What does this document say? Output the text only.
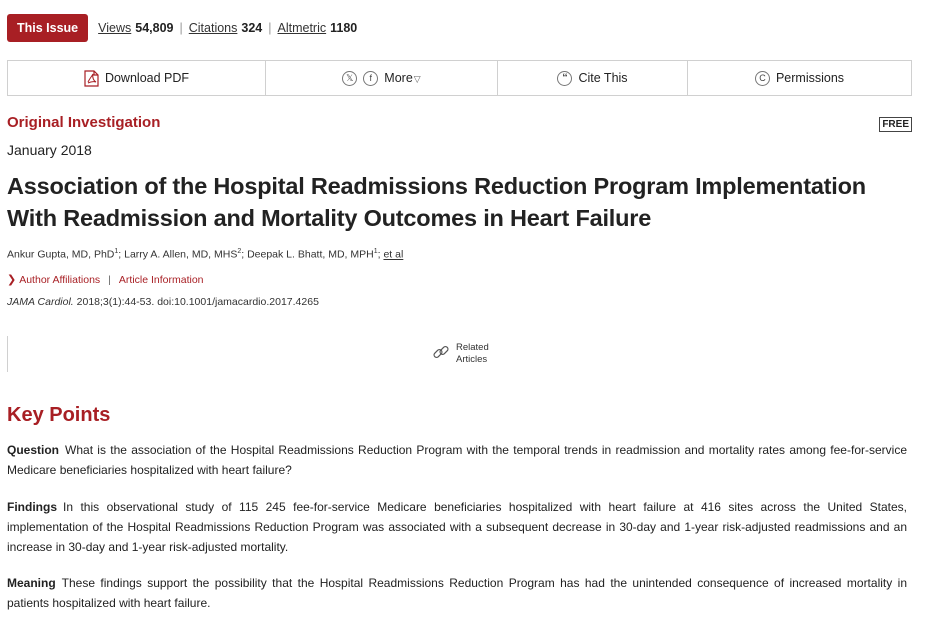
This Issue	Views 54,809 | Citations 324 | Altmetric 1180
Download PDF	𝕏	f More▽	“ Cite This	C Permissions
Original Investigation	FREE
January 2018
Association of the Hospital Readmissions Reduction Program Implementation With Readmission and Mortality Outcomes in Heart Failure
Ankur Gupta, MD, PhD$^1$; Larry A. Allen, MD, MHS$^2$; Deepak L. Bhatt, MD, MPH$^1$; et al
❯ Author Affiliations | Article Information
JAMA Cardiol. 2018;3(1):44-53. doi:10.1001/jamacardio.2017.4265
Related
Articles
Key Points

Question What is the association of the Hospital Readmissions Reduction Program with the temporal trends in readmission and mortality rates among fee-for-service Medicare beneficiaries hospitalized with heart failure?

Findings In this observational study of 115 245 fee-for-service Medicare beneficiaries hospitalized with heart failure at 416 sites across the United States, implementation of the Hospital Readmissions Reduction Program was associated with a subsequent decrease in 30-day and 1-year risk-adjusted readmissions and an increase in 30-day and 1-year risk-adjusted mortality.

Meaning These findings support the possibility that the Hospital Readmissions Reduction Program has had the unintended consequence of increased mortality in patients hospitalized with heart failure.
